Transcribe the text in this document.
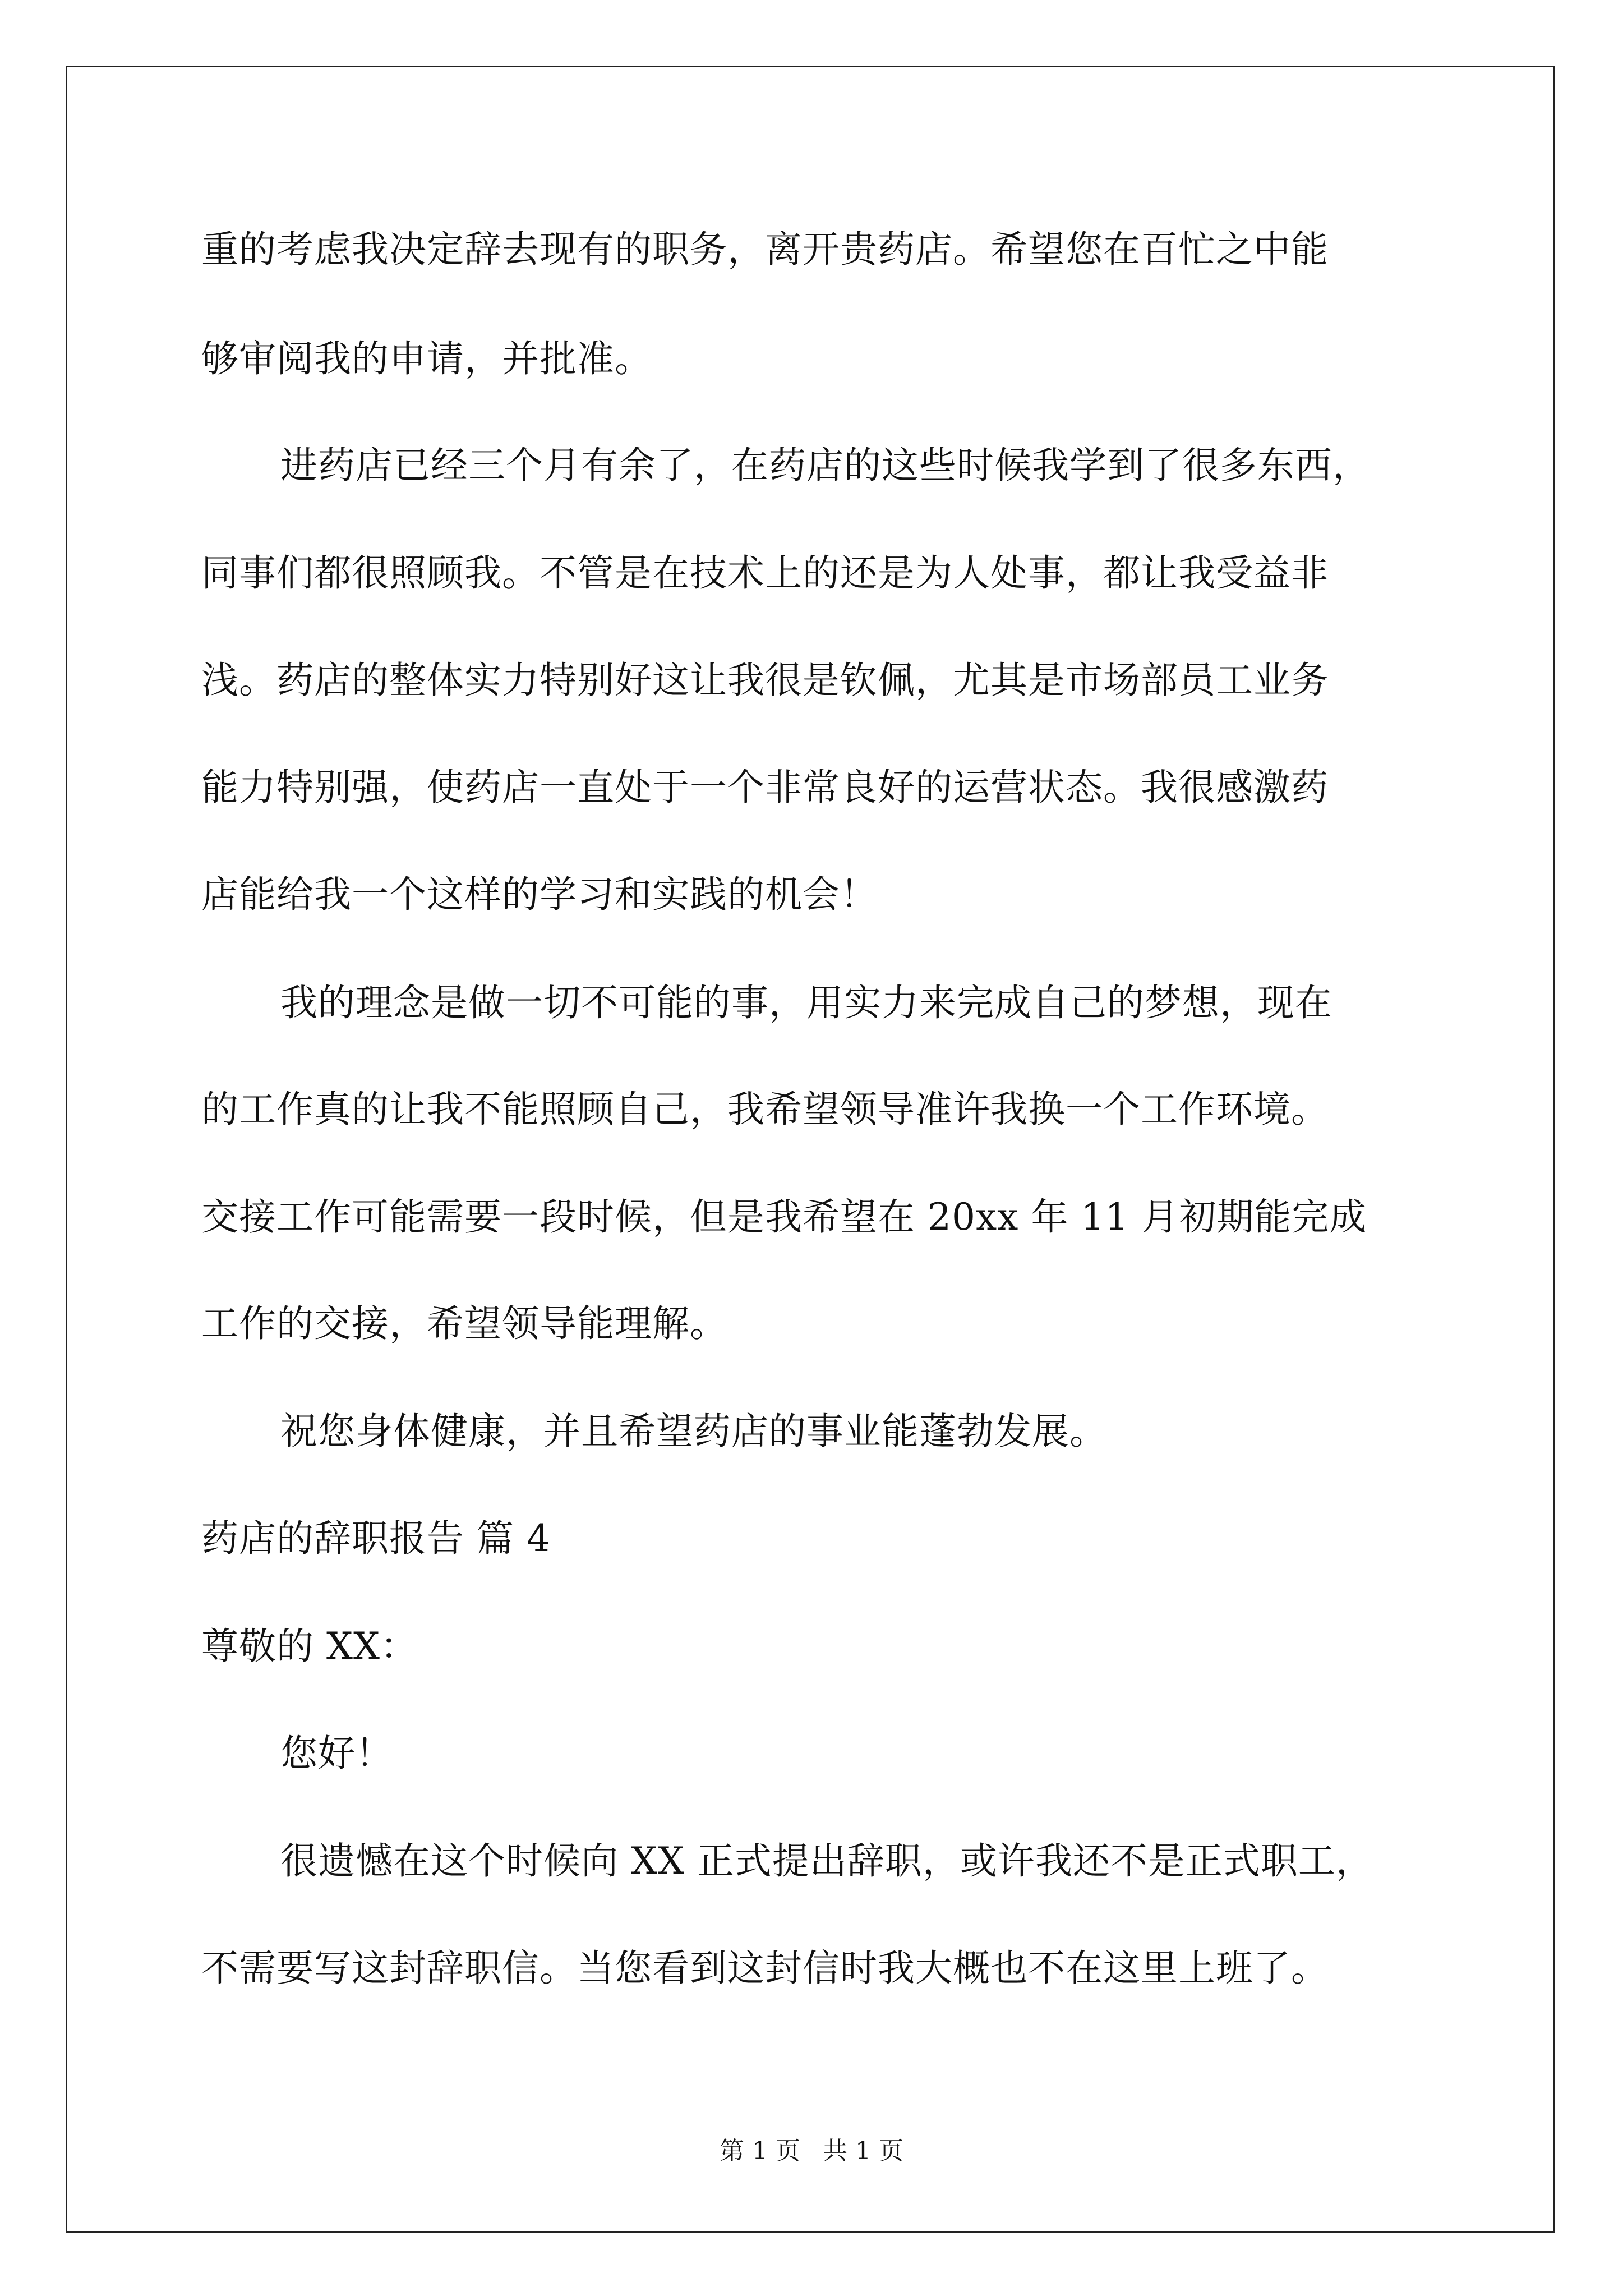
重的考虑我决定辞去现有的职务，离开贵药店。希望您在百忙之中能
够审阅我的申请，并批准。
进药店已经三个月有余了，在药店的这些时候我学到了很多东西，
同事们都很照顾我。不管是在技术上的还是为人处事，都让我受益非
浅。药店的整体实力特别好这让我很是钦佩，尤其是市场部员工业务
能力特别强，使药店一直处于一个非常良好的运营状态。我很感激药
店能给我一个这样的学习和实践的机会！
我的理念是做一切不可能的事，用实力来完成自己的梦想，现在
的工作真的让我不能照顾自己，我希望领导准许我换一个工作环境。
交接工作可能需要一段时候，但是我希望在 20xx 年 11 月初期能完成
工作的交接，希望领导能理解。
祝您身体健康，并且希望药店的事业能蓬勃发展。
药店的辞职报告 篇 4
尊敬的 XX：
您好！
很遗憾在这个时候向 XX 正式提出辞职，或许我还不是正式职工，
不需要写这封辞职信。当您看到这封信时我大概也不在这里上班了。
第 1 页 共 1 页
